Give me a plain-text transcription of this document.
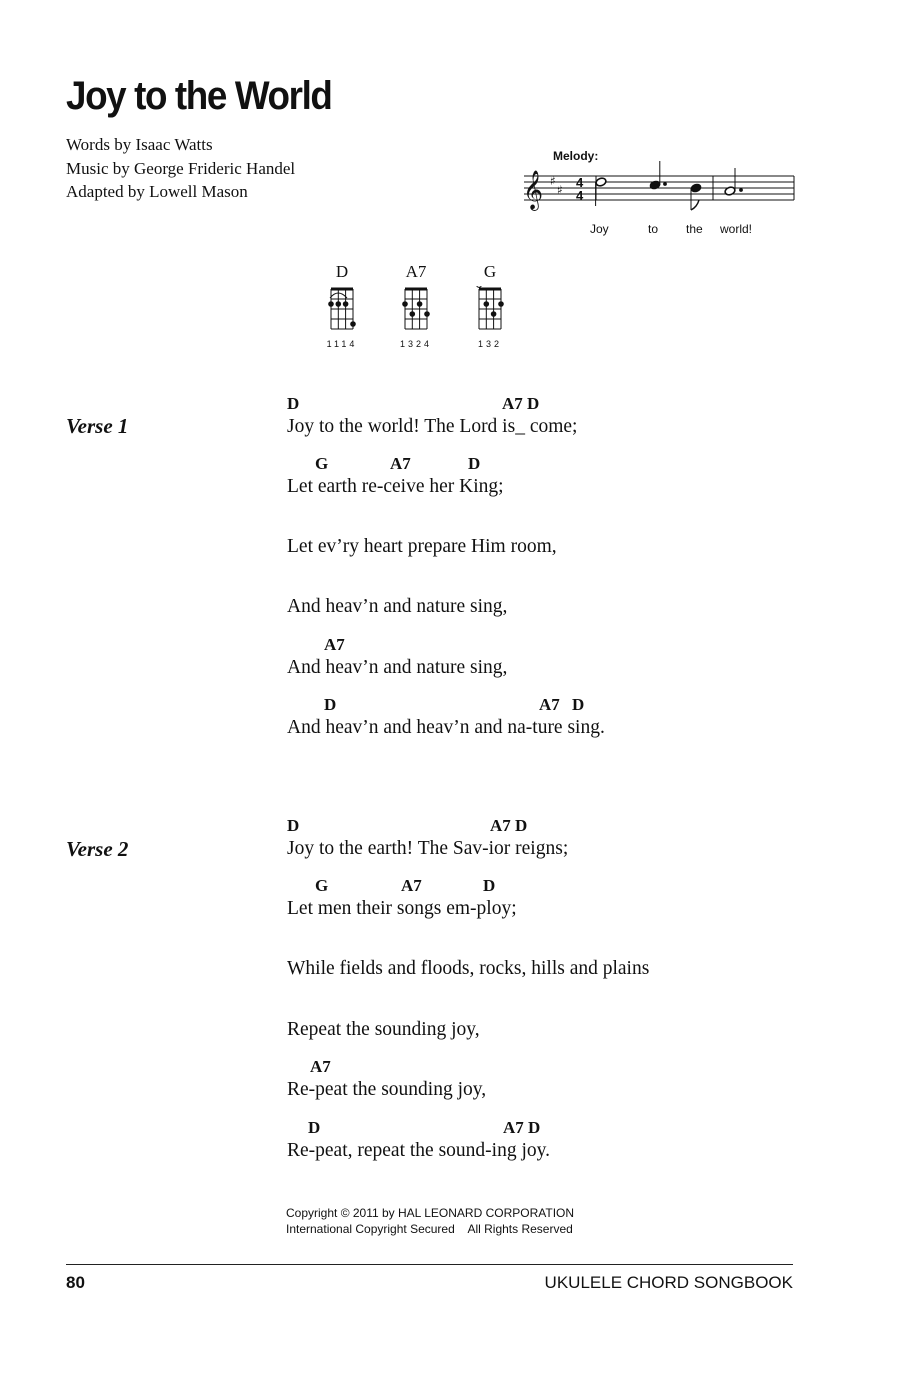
Joy to the World
Words by Isaac Watts
Music by George Frideric Handel
Adapted by Lowell Mason
Melody:
𝄞 ♯
♯ 4
4
Joy	to the world!
D
1114
A7
1324
G
132
Verse 1
D	A7 D
Joy to the world! The Lord is_ come;
G	A7	D
Let earth re-ceive her King;
Let ev’ry heart prepare Him room,
And heav’n and nature sing,
A7
And heav’n and nature sing,
D	A7 D
And heav’n and heav’n and na-ture sing.
Verse 2
D	A7 D
Joy to the earth! The Sav-ior reigns;
G	A7	D
Let men their songs em-ploy;
While fields and floods, rocks, hills and plains
Repeat the sounding joy,
A7
Re-peat the sounding joy,
D	A7 D
Re-peat, repeat the sound-ing joy.
Copyright © 2011 by HAL LEONARD CORPORATION
International Copyright Secured    All Rights Reserved
80	UKULELE CHORD SONGBOOK
